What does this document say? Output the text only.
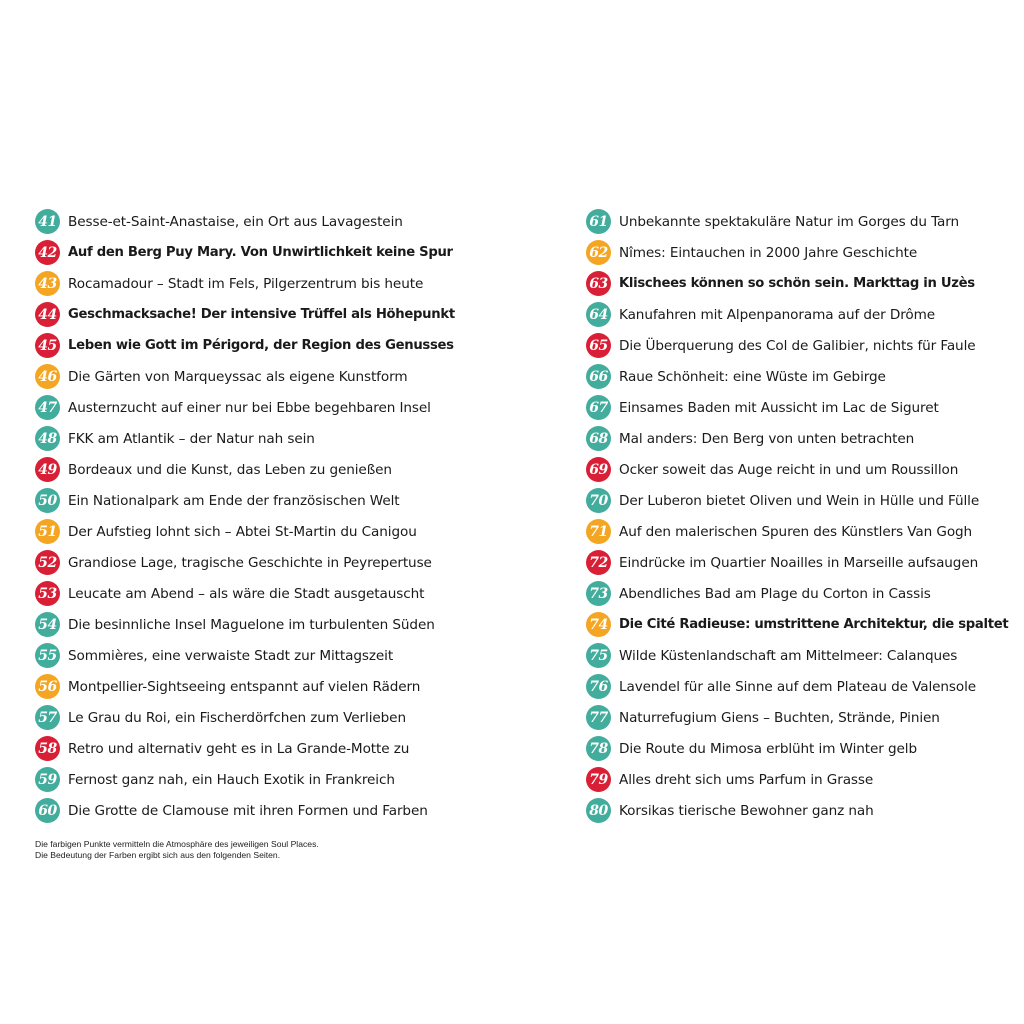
41 Besse-et-Saint-Anastaise, ein Ort aus Lavagestein
42 Auf den Berg Puy Mary. Von Unwirtlichkeit keine Spur
43 Rocamadour – Stadt im Fels, Pilgerzentrum bis heute
44 Geschmacksache! Der intensive Trüffel als Höhepunkt
45 Leben wie Gott im Périgord, der Region des Genusses
46 Die Gärten von Marqueyssac als eigene Kunstform
47 Austernzucht auf einer nur bei Ebbe begehbaren Insel
48 FKK am Atlantik – der Natur nah sein
49 Bordeaux und die Kunst, das Leben zu genießen
50 Ein Nationalpark am Ende der französischen Welt
51 Der Aufstieg lohnt sich – Abtei St-Martin du Canigou
52 Grandiose Lage, tragische Geschichte in Peyrepertuse
53 Leucate am Abend – als wäre die Stadt ausgetauscht
54 Die besinnliche Insel Maguelone im turbulenten Süden
55 Sommières, eine verwaiste Stadt zur Mittagszeit
56 Montpellier-Sightseeing entspannt auf vielen Rädern
57 Le Grau du Roi, ein Fischerdörfchen zum Verlieben
58 Retro und alternativ geht es in La Grande-Motte zu
59 Fernost ganz nah, ein Hauch Exotik in Frankreich
60 Die Grotte de Clamouse mit ihren Formen und Farben
61 Unbekannte spektakuläre Natur im Gorges du Tarn
62 Nîmes: Eintauchen in 2000 Jahre Geschichte
63 Klischees können so schön sein. Markttag in Uzès
64 Kanufahren mit Alpenpanorama auf der Drôme
65 Die Überquerung des Col de Galibier, nichts für Faule
66 Raue Schönheit: eine Wüste im Gebirge
67 Einsames Baden mit Aussicht im Lac de Siguret
68 Mal anders: Den Berg von unten betrachten
69 Ocker soweit das Auge reicht in und um Roussillon
70 Der Luberon bietet Oliven und Wein in Hülle und Fülle
71 Auf den malerischen Spuren des Künstlers Van Gogh
72 Eindrücke im Quartier Noailles in Marseille aufsaugen
73 Abendliches Bad am Plage du Corton in Cassis
74 Die Cité Radieuse: umstrittene Architektur, die spaltet
75 Wilde Küstenlandschaft am Mittelmeer: Calanques
76 Lavendel für alle Sinne auf dem Plateau de Valensole
77 Naturrefugium Giens – Buchten, Strände, Pinien
78 Die Route du Mimosa erblüht im Winter gelb
79 Alles dreht sich ums Parfum in Grasse
80 Korsikas tierische Bewohner ganz nah
Die farbigen Punkte vermitteln die Atmosphäre des jeweiligen Soul Places.
Die Bedeutung der Farben ergibt sich aus den folgenden Seiten.
